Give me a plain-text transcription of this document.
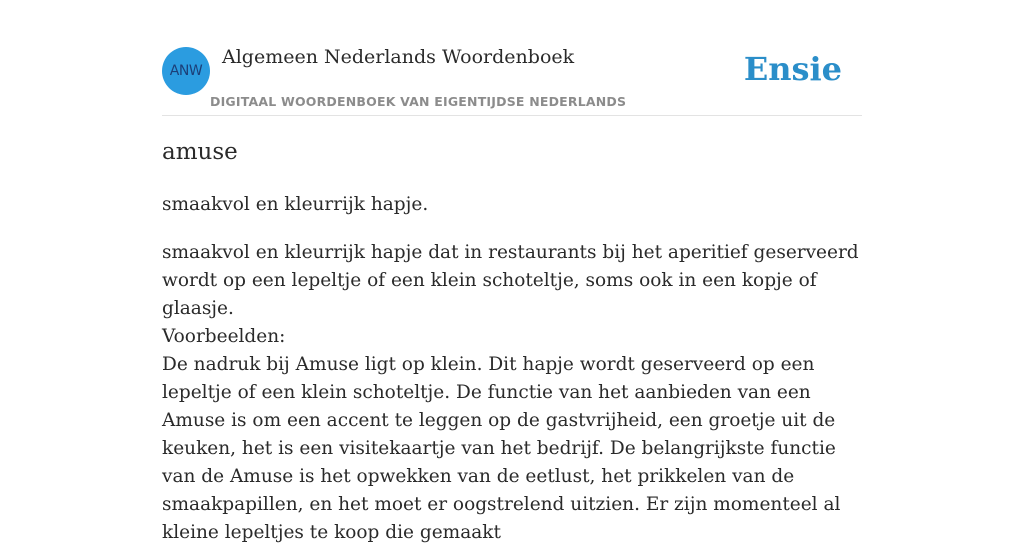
ANW
Algemeen Nederlands Woordenboek
DIGITAAL WOORDENBOEK VAN EIGENTIJDSE NEDERLANDS
Ensie
amuse
smaakvol en kleurrijk hapje.

smaakvol en kleurrijk hapje dat in restaurants bij het aperitief geserveerd wordt op een lepeltje of een klein schoteltje, soms ook in een kopje of glaasje.

Voorbeelden:

De nadruk bij Amuse ligt op klein. Dit hapje wordt geserveerd op een lepeltje of een klein schoteltje. De functie van het aanbieden van een Amuse is om een accent te leggen op de gastvrijheid, een groetje uit de keuken, het is een visitekaartje van het bedrijf. De belangrijkste functie van de Amuse is het opwekken van de eetlust, het prikkelen van de smaakpapillen, en het moet er oogstrelend uitzien. Er zijn momenteel al kleine lepeltjes te koop die gemaakt
